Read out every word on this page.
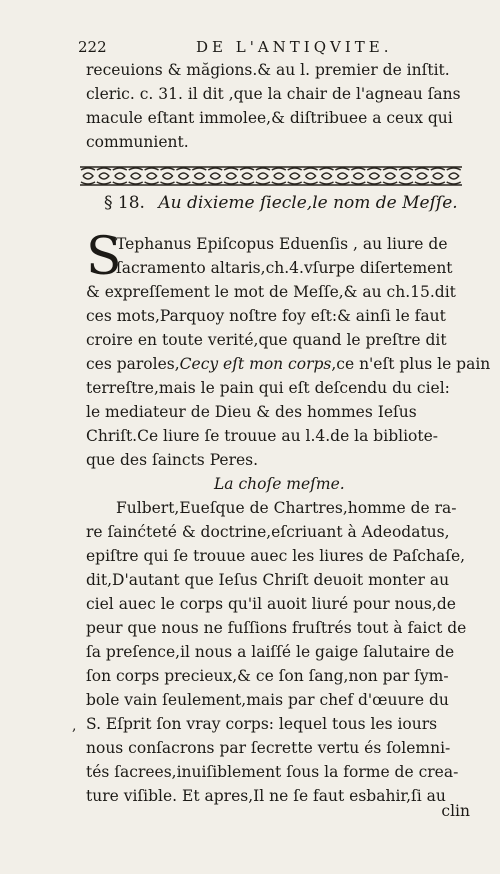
222	DE L'ANTIQVITE.
receuions & măgions.& au l. premier de inſtit.
cleric. c. 31. il dit ,que la chair de l'agneau ſans
macule eſtant immolee,& diſtribuee a ceux qui
communient.
§ 18. Au dixieme ſiecle,le nom de Meſſe.
S
Tephanus Epiſcopus Eduenſis , au liure de
ſacramento altaris,ch.4.vſurpe diſertement
& expreſſement le mot de Meſſe,& au ch.15.dit
ces mots,Parquoy noſtre foy eſt:& ainſi le faut
croire en toute verité,que quand le preſtre dit
ces paroles,Cecy eſt mon corps,ce n'eſt plus le pain
terreſtre,mais le pain qui eſt deſcendu du ciel:
le mediateur de Dieu & des hommes Ieſus
Chriſt.Ce liure ſe trouue au l.4.de la bibliote-
que des ſaincts Peres.
La choſe meſme.
Fulbert,Eueſque de Chartres,homme de ra-
re ſainćteté & doctrine,eſcriuant à Adeodatus,
epiſtre qui ſe trouue auec les liures de Paſchaſe,
dit,D'autant que Ieſus Chriſt deuoit monter au
ciel auec le corps qu'il auoit liuré pour nous,de
peur que nous ne fuſſions fruſtrés tout à faict de
ſa preſence,il nous a laiſſé le gaige ſalutaire de
ſon corps precieux,& ce ſon ſang,non par ſym-
bole vain ſeulement,mais par chef d'œuure du
S. Eſprit ſon vray corps: lequel tous les iours
nous conſacrons par ſecrette vertu és ſolemni-
tés ſacrees,inuiſiblement ſous la forme de crea-
ture viſible. Et apres,Il ne ſe faut esbahir,ſi au
,
clin
